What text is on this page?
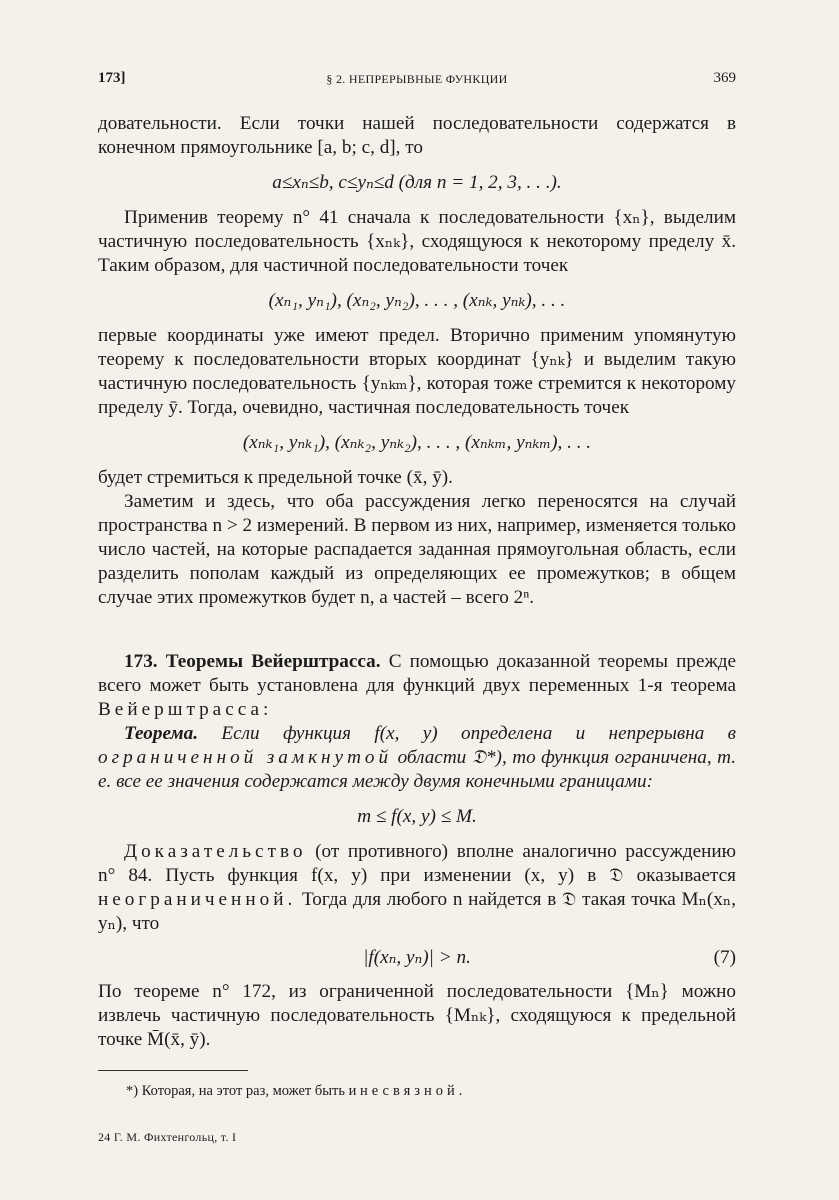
173]	§ 2. НЕПРЕРЫВНЫЕ ФУНКЦИИ	369

довательности. Если точки нашей последовательности содержатся в конечном прямоугольнике [a, b; c, d], то

a≤xₙ≤b, c≤yₙ≤d (для n = 1, 2, 3, . . .).

Применив теорему n° 41 сначала к последовательности {xₙ}, выделим частичную последовательность {xₙₖ}, сходящуюся к некоторому пределу x̄. Таким образом, для частичной последовательности точек

(xₙ₁, yₙ₁), (xₙ₂, yₙ₂), . . . , (xₙₖ, yₙₖ), . . .

первые координаты уже имеют предел. Вторично применим упомянутую теорему к последовательности вторых координат {yₙₖ} и выделим такую частичную последовательность {yₙₖₘ}, которая тоже стремится к некоторому пределу ȳ. Тогда, очевидно, частичная последовательность точек

(xₙₖ₁, yₙₖ₁), (xₙₖ₂, yₙₖ₂), . . . , (xₙₖₘ, yₙₖₘ), . . .

будет стремиться к предельной точке (x̄, ȳ).

Заметим и здесь, что оба рассуждения легко переносятся на случай пространства n > 2 измерений. В первом из них, например, изменяется только число частей, на которые распадается заданная прямоугольная область, если разделить пополам каждый из определяющих ее промежутков; в общем случае этих промежутков будет n, а частей – всего 2ⁿ.

173. Теоремы Вейерштрасса. С помощью доказанной теоремы прежде всего может быть установлена для функций двух переменных 1-я теорема Вейерштрасса:

Теорема. Если функция f(x, y) определена и непрерывна в ограниченной замкнутой области 𝔇*), то функция ограничена, т. е. все ее значения содержатся между двумя конечными границами:

m ≤ f(x, y) ≤ M.

Доказательство (от противного) вполне аналогично рассуждению n° 84. Пусть функция f(x, y) при изменении (x, y) в 𝔇 оказывается неограниченной. Тогда для любого n найдется в 𝔇 такая точка Mₙ(xₙ, yₙ), что

|f(xₙ, yₙ)| > n.	(7)

По теореме n° 172, из ограниченной последовательности {Mₙ} можно извлечь частичную последовательность {Mₙₖ}, сходящуюся к предельной точке M̄(x̄, ȳ).

*) Которая, на этот раз, может быть и несвязной.

24 Г. М. Фихтенгольц, т. I
